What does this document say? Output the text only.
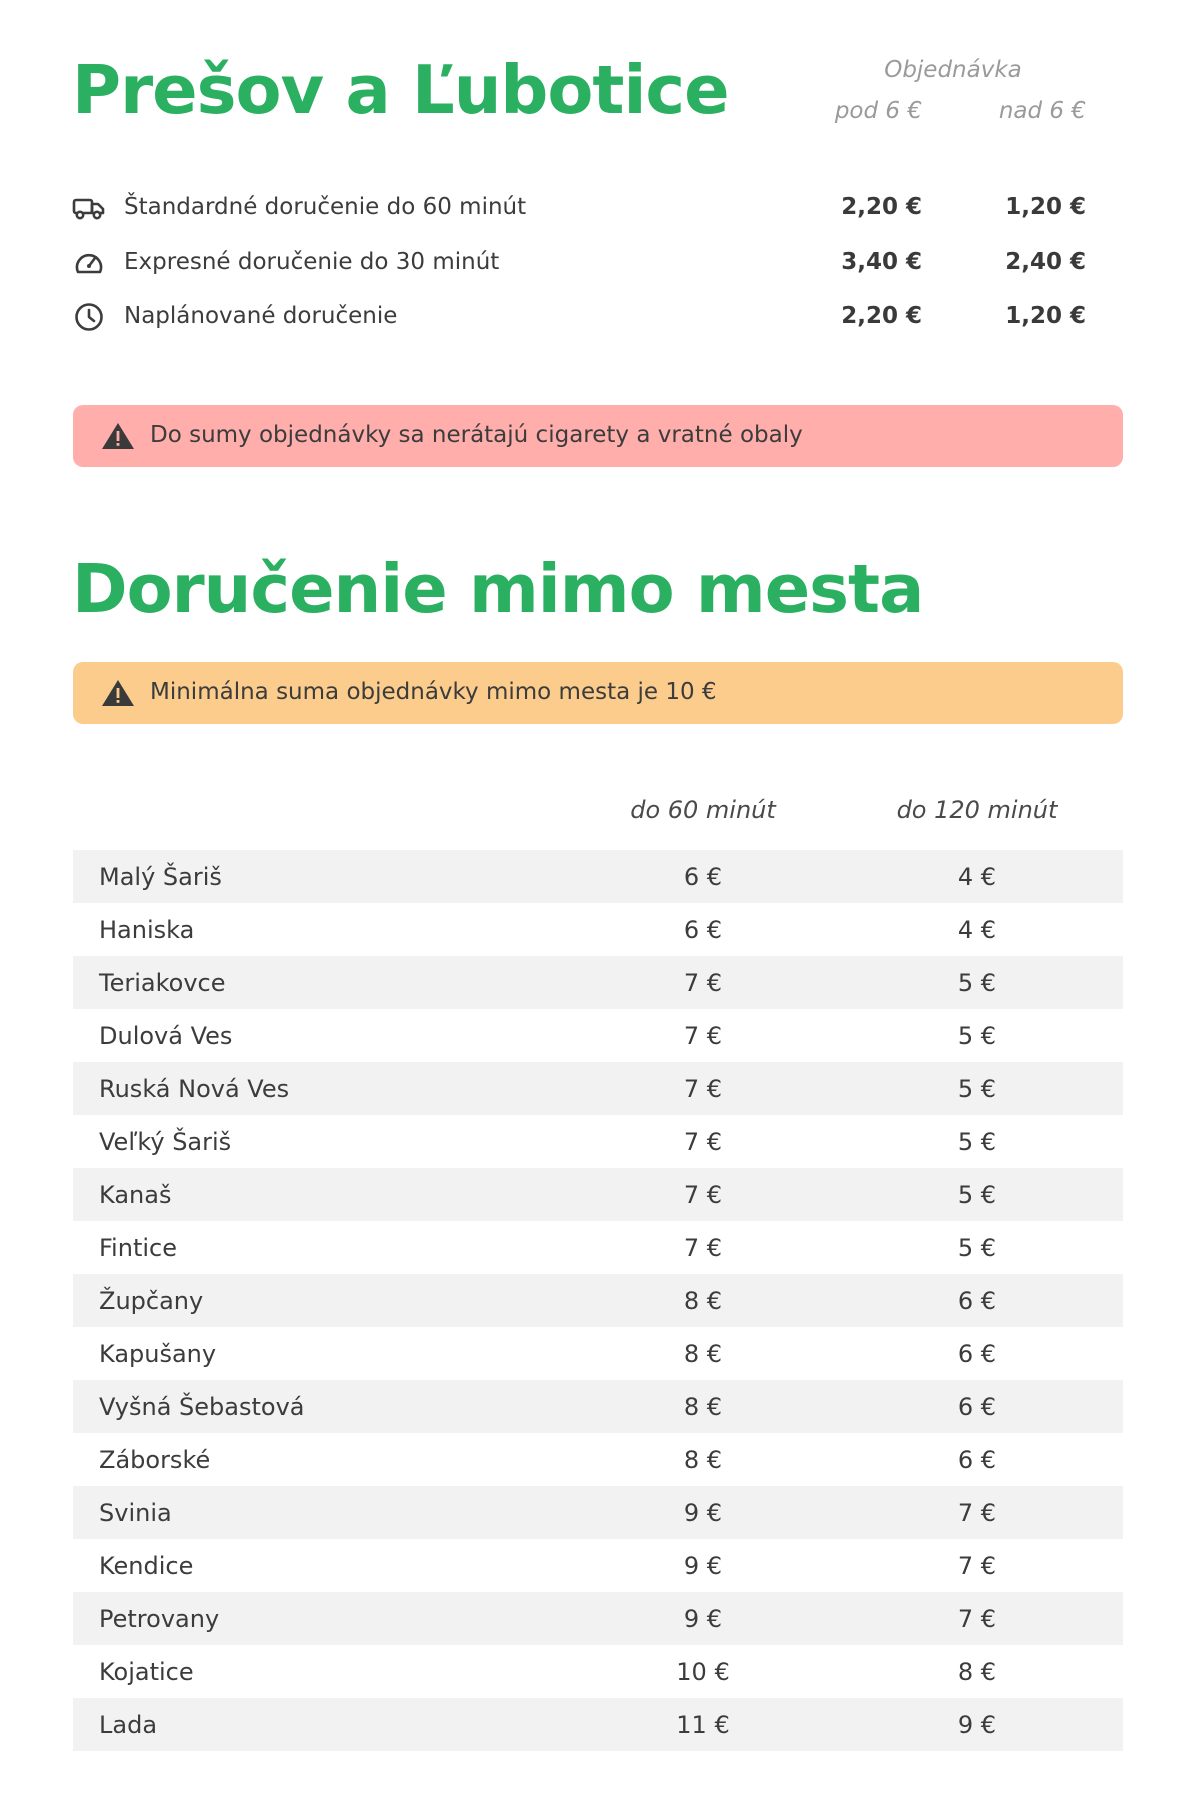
Prešov a Ľubotice	Objednávka
pod 6 €	nad 6 €
Štandardné doručenie do 60 minút	2,20 €	1,20 €
Expresné doručenie do 30 minút	3,40 €	2,40 €
Naplánované doručenie	2,20 €	1,20 €
Do sumy objednávky sa nerátajú cigarety a vratné obaly
Doručenie mimo mesta
Minimálna suma objednávky mimo mesta je 10 €
do 60 minút	do 120 minút
Malý Šariš	6 €	4 €
Haniska	6 €	4 €
Teriakovce	7 €	5 €
Dulová Ves	7 €	5 €
Ruská Nová Ves	7 €	5 €
Veľký Šariš	7 €	5 €
Kanaš	7 €	5 €
Fintice	7 €	5 €
Župčany	8 €	6 €
Kapušany	8 €	6 €
Vyšná Šebastová	8 €	6 €
Záborské	8 €	6 €
Svinia	9 €	7 €
Kendice	9 €	7 €
Petrovany	9 €	7 €
Kojatice	10 €	8 €
Lada	11 €	9 €
